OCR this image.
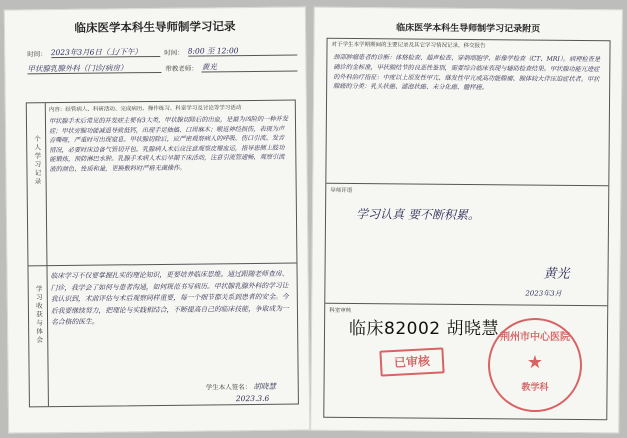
临床医学本科生导师制学习记录
时间： 2023年3月6日（上/下午）	时间： 8:00 至 12:00
甲状腺乳腺外科（门诊/病房）	带教老师： 黄光
个人学习记录
学习收获与体会
内容：经管病人、科研活动、完成病历、操作练习、科室学习及讨论等学习活动
甲状腺手术后常见的并发症主要有3大类，甲状腺切除后的出血，是最为凶险的一种并发症；甲状旁腺功能减退导致低钙，出现手足抽搐、口周麻木；喉返神经损伤，表现为声音嘶哑，严重时可出现窒息。甲状腺切除后，应严密观察病人的呼吸、伤口引流、发音情况，必要时床边备气管切开包。乳腺病人术后应注意观察皮瓣血运，指导患侧上肢功能锻炼，预防淋巴水肿。乳腺手术病人术后早期下床活动，注意引流管通畅，观察引流液的颜色、性质和量，更换敷料时严格无菌操作。
临床学习不仅要掌握扎实的理论知识，更要培养临床思维。通过跟随老师查房、门诊，我学会了如何与患者沟通，如何规范书写病历。甲状腺乳腺外科的学习让我认识到，术前评估与术后观察同样重要，每一个细节都关系到患者的安全。今后我要继续努力，把理论与实践相结合，不断提高自己的临床技能，争取成为一名合格的医生。
学生本人签名： 胡晓慧
2023.3.6
临床医学本科生导师制学习记录附页
对于学生本学期期间的主要记录及其它学习情况记录，移交报告
颈部肿瘤患者的诊断：体格检查、超声检查、穿刺细胞学、影像学检查（CT、MRI）。病理检查是确诊的金标准，甲状腺结节的良恶性鉴别，需要综合临床表现与辅助检查结果。甲状腺功能亢进症的外科治疗指征：中度以上原发性甲亢、继发性甲亢或高功能腺瘤、腺体较大伴压迫症状者。甲状腺癌的分类：乳头状癌、滤泡状癌、未分化癌、髓样癌。
导师评语
学习认真 要不断积累。
黄光
2023年3月
科室审核
临床82002 胡晓慧
已审核
荆州市中心医院
★
教学科
